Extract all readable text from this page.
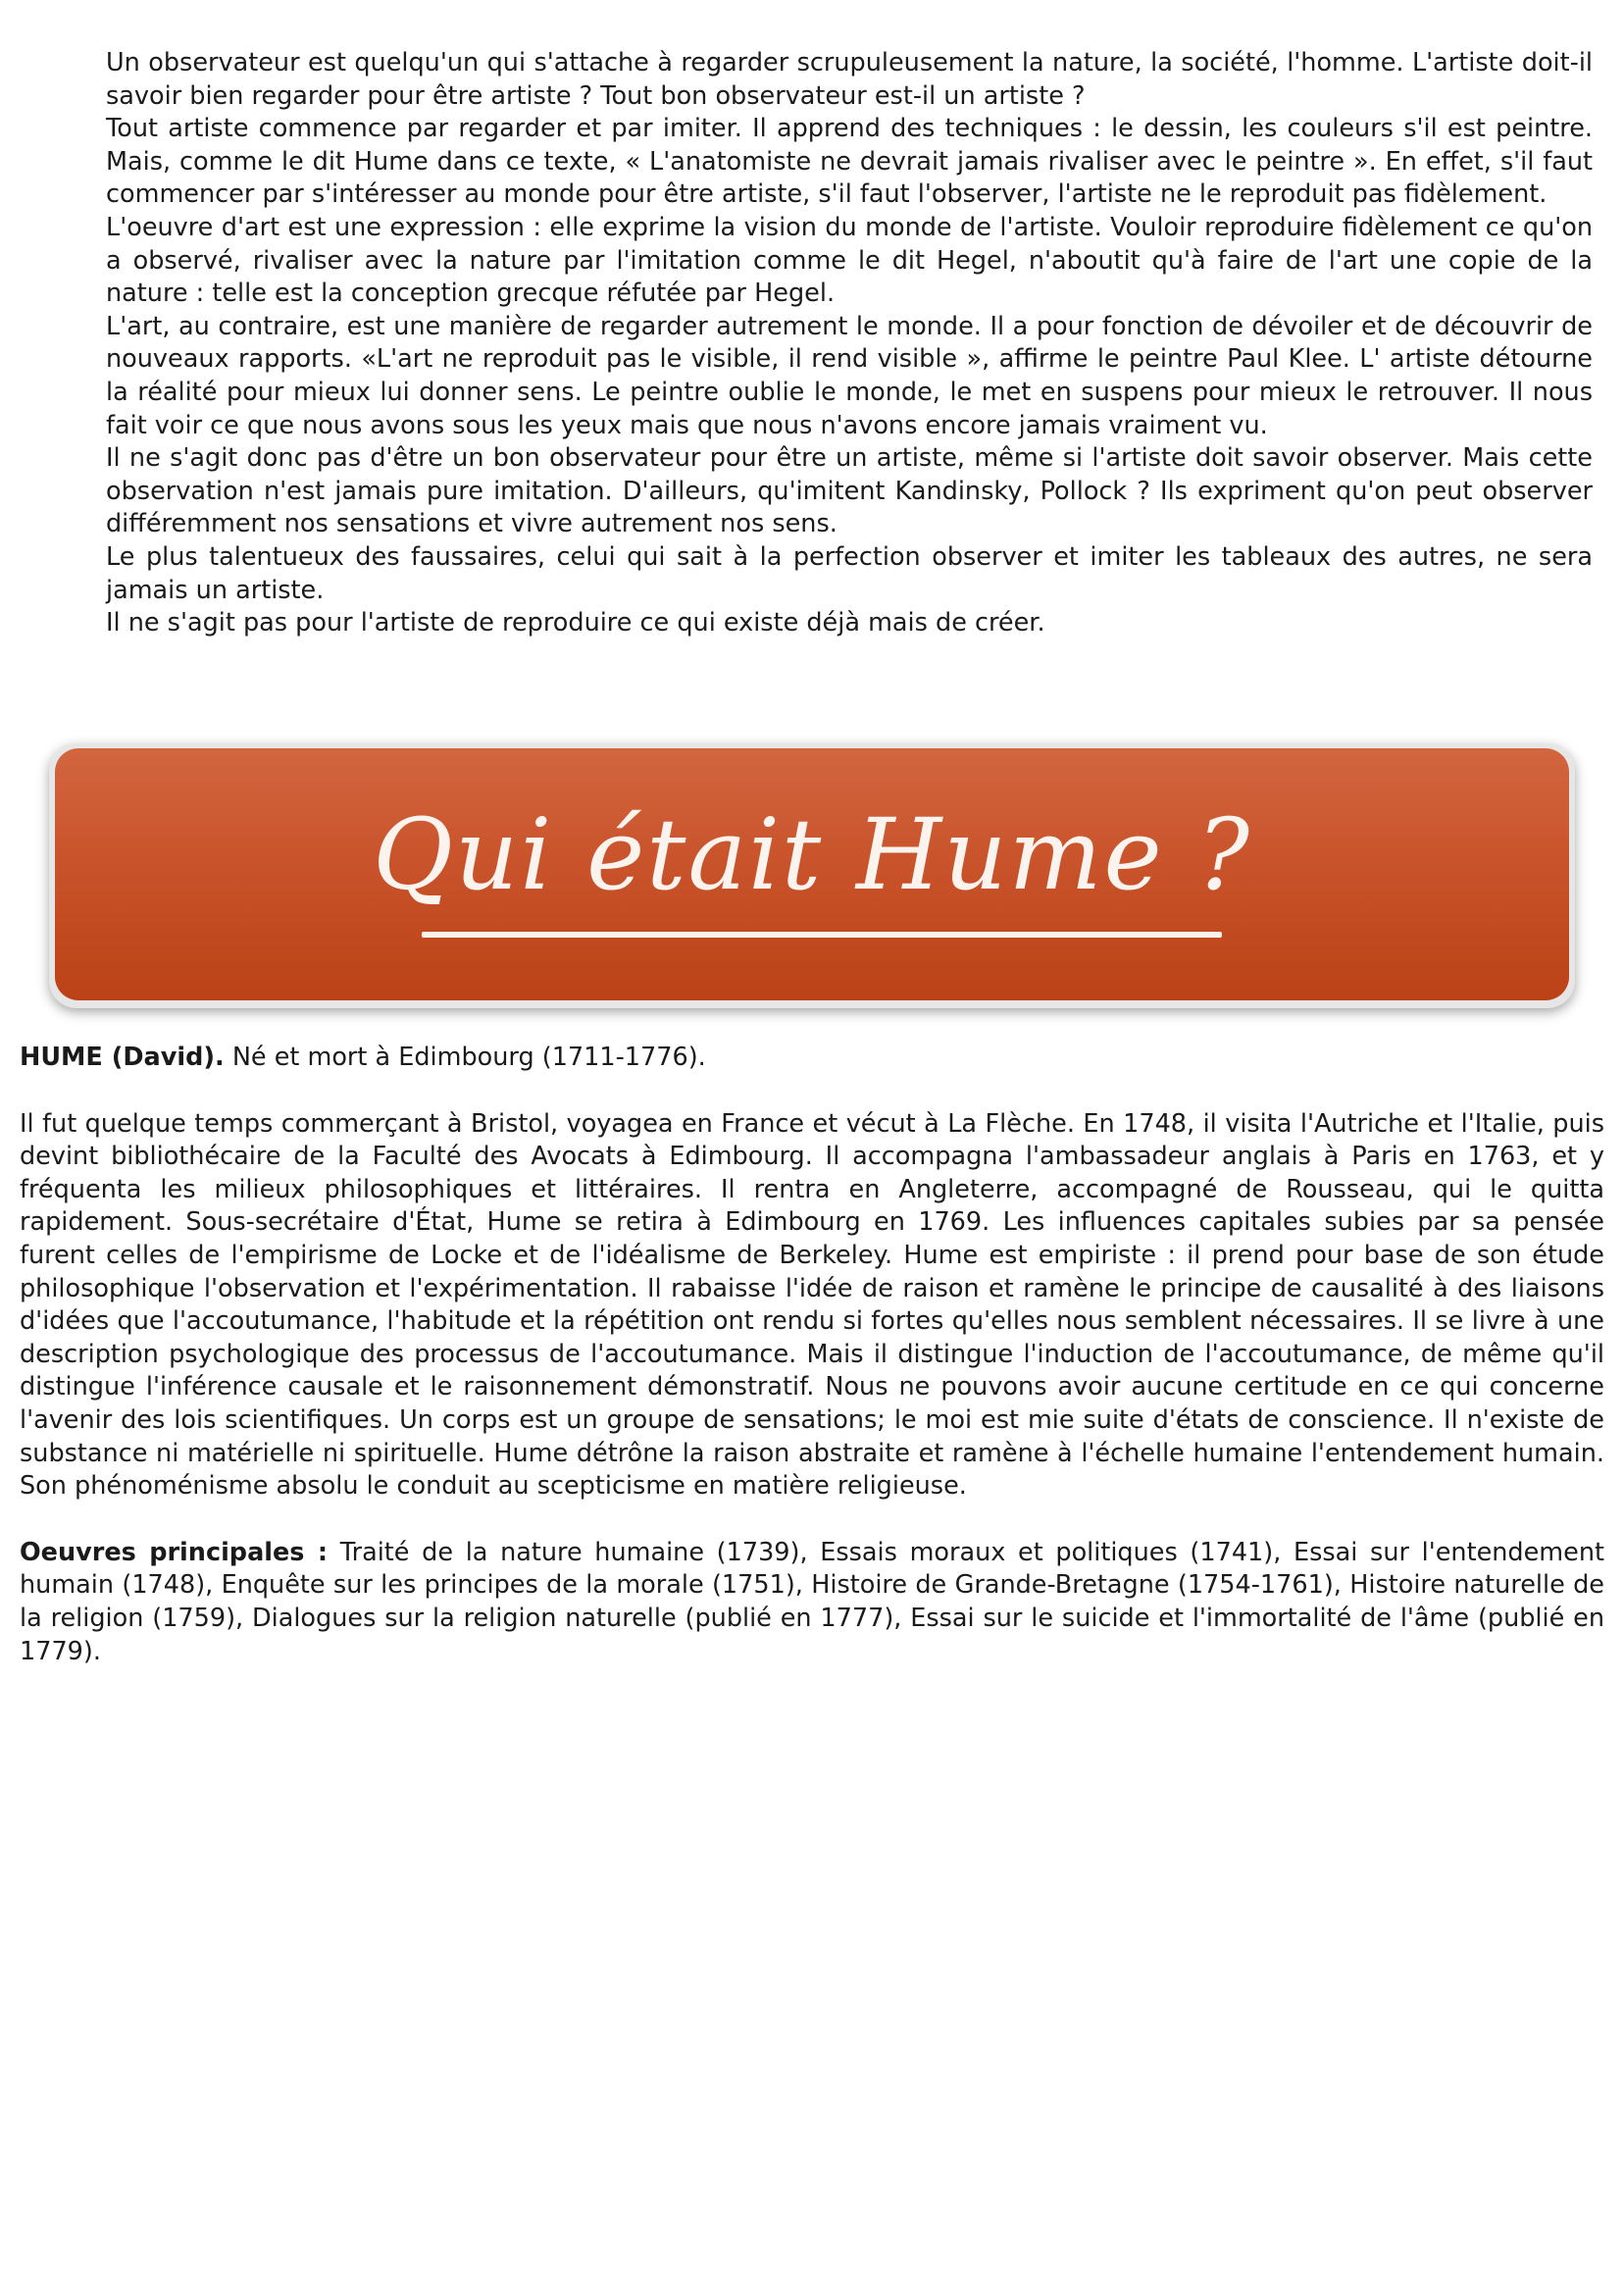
Un observateur est quelqu'un qui s'attache à regarder scrupuleusement la nature, la société, l'homme. L'artiste doit-il savoir bien regarder pour être artiste ? Tout bon observateur est-il un artiste ?

Tout artiste commence par regarder et par imiter. Il apprend des techniques : le dessin, les couleurs s'il est peintre. Mais, comme le dit Hume dans ce texte, « L'anatomiste ne devrait jamais rivaliser avec le peintre ». En effet, s'il faut commencer par s'intéresser au monde pour être artiste, s'il faut l'observer, l'artiste ne le reproduit pas fidèlement.

L'oeuvre d'art est une expression : elle exprime la vision du monde de l'artiste. Vouloir reproduire fidèlement ce qu'on a observé, rivaliser avec la nature par l'imitation comme le dit Hegel, n'aboutit qu'à faire de l'art une copie de la nature : telle est la conception grecque réfutée par Hegel.

L'art, au contraire, est une manière de regarder autrement le monde. Il a pour fonction de dévoiler et de découvrir de nouveaux rapports. «L'art ne reproduit pas le visible, il rend visible », affirme le peintre Paul Klee. L' artiste détourne la réalité pour mieux lui donner sens. Le peintre oublie le monde, le met en suspens pour mieux le retrouver. Il nous fait voir ce que nous avons sous les yeux mais que nous n'avons encore jamais vraiment vu.

Il ne s'agit donc pas d'être un bon observateur pour être un artiste, même si l'artiste doit savoir observer. Mais cette observation n'est jamais pure imitation. D'ailleurs, qu'imitent Kandinsky, Pollock ? Ils expriment qu'on peut observer différemment nos sensations et vivre autrement nos sens.

Le plus talentueux des faussaires, celui qui sait à la perfection observer et imiter les tableaux des autres, ne sera jamais un artiste.

Il ne s'agit pas pour l'artiste de reproduire ce qui existe déjà mais de créer.

Qui était Hume ?

HUME (David). Né et mort à Edimbourg (1711-1776).

Il fut quelque temps commerçant à Bristol, voyagea en France et vécut à La Flèche. En 1748, il visita l'Autriche et l'Italie, puis devint bibliothécaire de la Faculté des Avocats à Edimbourg. Il accompagna l'ambassadeur anglais à Paris en 1763, et y fréquenta les milieux philosophiques et littéraires. Il rentra en Angleterre, accompagné de Rousseau, qui le quitta rapidement. Sous-secrétaire d'État, Hume se retira à Edimbourg en 1769. Les influences capitales subies par sa pensée furent celles de l'empirisme de Locke et de l'idéalisme de Berkeley. Hume est empiriste : il prend pour base de son étude philosophique l'observation et l'expérimentation. Il rabaisse l'idée de raison et ramène le principe de causalité à des liaisons d'idées que l'accoutumance, l'habitude et la répétition ont rendu si fortes qu'elles nous semblent nécessaires. Il se livre à une description psychologique des processus de l'accoutumance. Mais il distingue l'induction de l'accoutumance, de même qu'il distingue l'inférence causale et le raisonnement démonstratif. Nous ne pouvons avoir aucune certitude en ce qui concerne l'avenir des lois scientifiques. Un corps est un groupe de sensations; le moi est mie suite d'états de conscience. Il n'existe de substance ni matérielle ni spirituelle. Hume détrône la raison abstraite et ramène à l'échelle humaine l'entendement humain. Son phénoménisme absolu le conduit au scepticisme en matière religieuse.

Oeuvres principales : Traité de la nature humaine (1739), Essais moraux et politiques (1741), Essai sur l'entendement humain (1748), Enquête sur les principes de la morale (1751), Histoire de Grande-Bretagne (1754-1761), Histoire naturelle de la religion (1759), Dialogues sur la religion naturelle (publié en 1777), Essai sur le suicide et l'immortalité de l'âme (publié en 1779).
